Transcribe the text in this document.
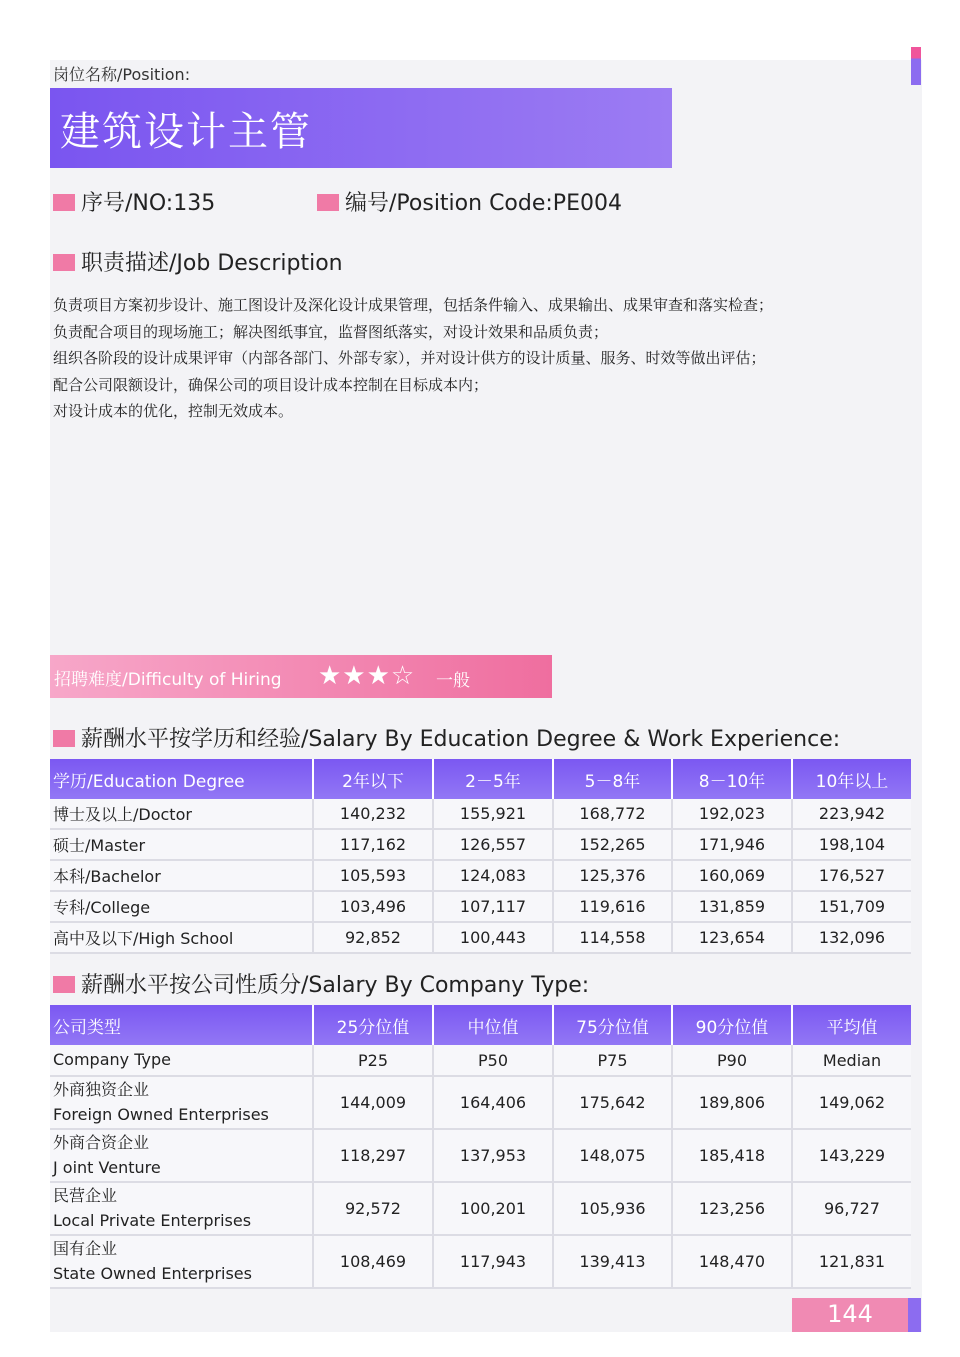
岗位名称/Position:
建筑设计主管
序号/NO:135	编号/Position Code:PE004
职责描述/Job Description
负责项目方案初步设计、施工图设计及深化设计成果管理，包括条件输入、成果输出、成果审查和落实检查；
负责配合项目的现场施工；解决图纸事宜，监督图纸落实，对设计效果和品质负责；
组织各阶段的设计成果评审（内部各部门、外部专家），并对设计供方的设计质量、服务、时效等做出评估；
配合公司限额设计，确保公司的项目设计成本控制在目标成本内；
对设计成本的优化，控制无效成本。
招聘难度/Difficulty of Hiring ★★★☆ 一般
薪酬水平按学历和经验/Salary By Education Degree & Work Experience:
学历/Education Degree	2年以下	2－5年	5－8年	8－10年	10年以上
博士及以上/Doctor	140,232	155,921	168,772	192,023	223,942
硕士/Master	117,162	126,557	152,265	171,946	198,104
本科/Bachelor	105,593	124,083	125,376	160,069	176,527
专科/College	103,496	107,117	119,616	131,859	151,709
高中及以下/High School	92,852	100,443	114,558	123,654	132,096
薪酬水平按公司性质分/Salary By Company Type:
公司类型	25分位值	中位值	75分位值	90分位值	平均值
Company Type	P25	P50	P75	P90	Median

外商独资企业
Foreign Owned Enterprises	144,009	164,406	175,642	189,806	149,062

外商合资企业
J oint Venture	118,297	137,953	148,075	185,418	143,229

民营企业
Local Private Enterprises	92,572	100,201	105,936	123,256	96,727

国有企业
State Owned Enterprises	108,469	117,943	139,413	148,470	121,831
144
